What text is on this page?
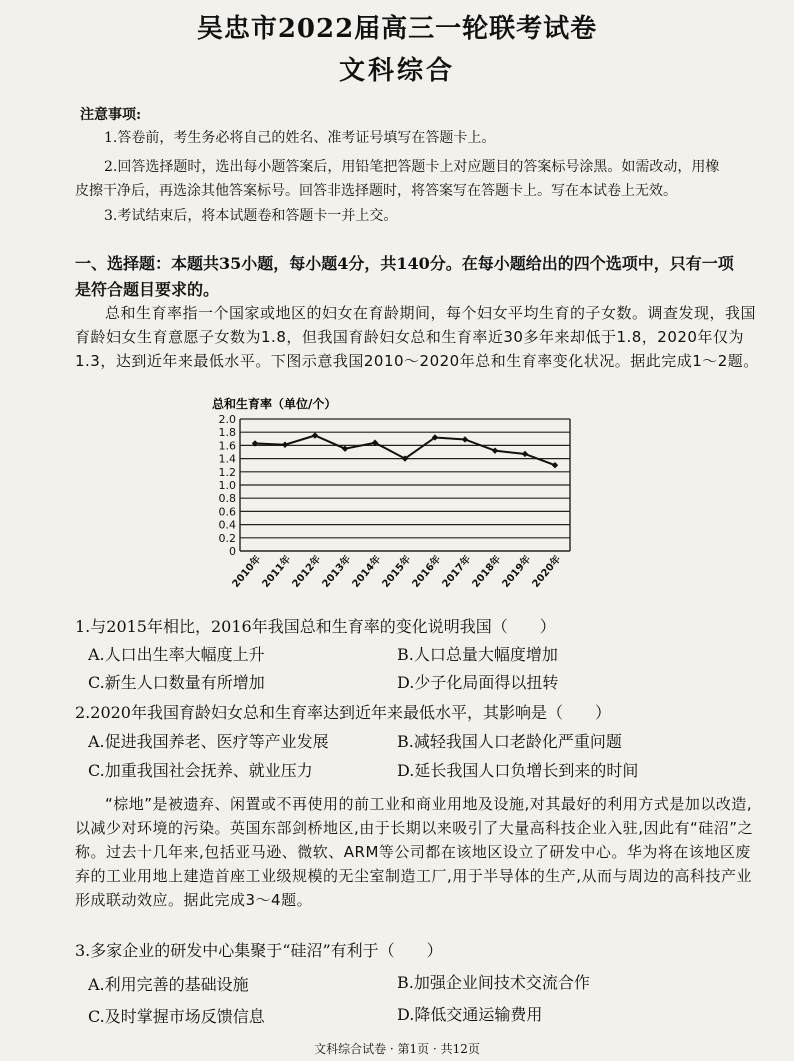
吴忠市2022届高三一轮联考试卷
文科综合
注意事项:
1.答卷前，考生务必将自己的姓名、准考证号填写在答题卡上。
2.回答选择题时，选出每小题答案后，用铅笔把答题卡上对应题目的答案标号涂黑。如需改动，用橡
皮擦干净后，再选涂其他答案标号。回答非选择题时，将答案写在答题卡上。写在本试卷上无效。
3.考试结束后，将本试题卷和答题卡一并上交。
一、选择题：本题共35小题，每小题4分，共140分。在每小题给出的四个选项中，只有一项
是符合题目要求的。
总和生育率指一个国家或地区的妇女在育龄期间，每个妇女平均生育的子女数。调查发现，我国育龄妇女生育意愿子女数为1.8，但我国育龄妇女总和生育率近30多年来却低于1.8，2020年仅为1.3，达到近年来最低水平。下图示意我国2010～2020年总和生育率变化状况。据此完成1～2题。
总和生育率（单位/个）
0
0.2
0.4
0.6
0.8
1.0
1.2
1.4
1.6
1.8
2.0
2010年
2011年
2012年
2013年
2014年
2015年
2016年
2017年
2018年
2019年
2020年
1.与2015年相比，2016年我国总和生育率的变化说明我国（　　）
A.人口出生率大幅度上升	B.人口总量大幅度增加
C.新生人口数量有所增加	D.少子化局面得以扭转
2.2020年我国育龄妇女总和生育率达到近年来最低水平，其影响是（　　）
A.促进我国养老、医疗等产业发展	B.减轻我国人口老龄化严重问题
C.加重我国社会抚养、就业压力	D.延长我国人口负增长到来的时间
“棕地”是被遗弃、闲置或不再使用的前工业和商业用地及设施,对其最好的利用方式是加以改造,以减少对环境的污染。英国东部剑桥地区,由于长期以来吸引了大量高科技企业入驻,因此有“硅沼”之称。过去十几年来,包括亚马逊、微软、ARM等公司都在该地区设立了研发中心。华为将在该地区废弃的工业用地上建造首座工业级规模的无尘室制造工厂,用于半导体的生产,从而与周边的高科技产业形成联动效应。据此完成3～4题。
3.多家企业的研发中心集聚于“硅沼”有利于（　　）
A.利用完善的基础设施	B.加强企业间技术交流合作
C.及时掌握市场反馈信息	D.降低交通运输费用
文科综合试卷 · 第1页 · 共12页
